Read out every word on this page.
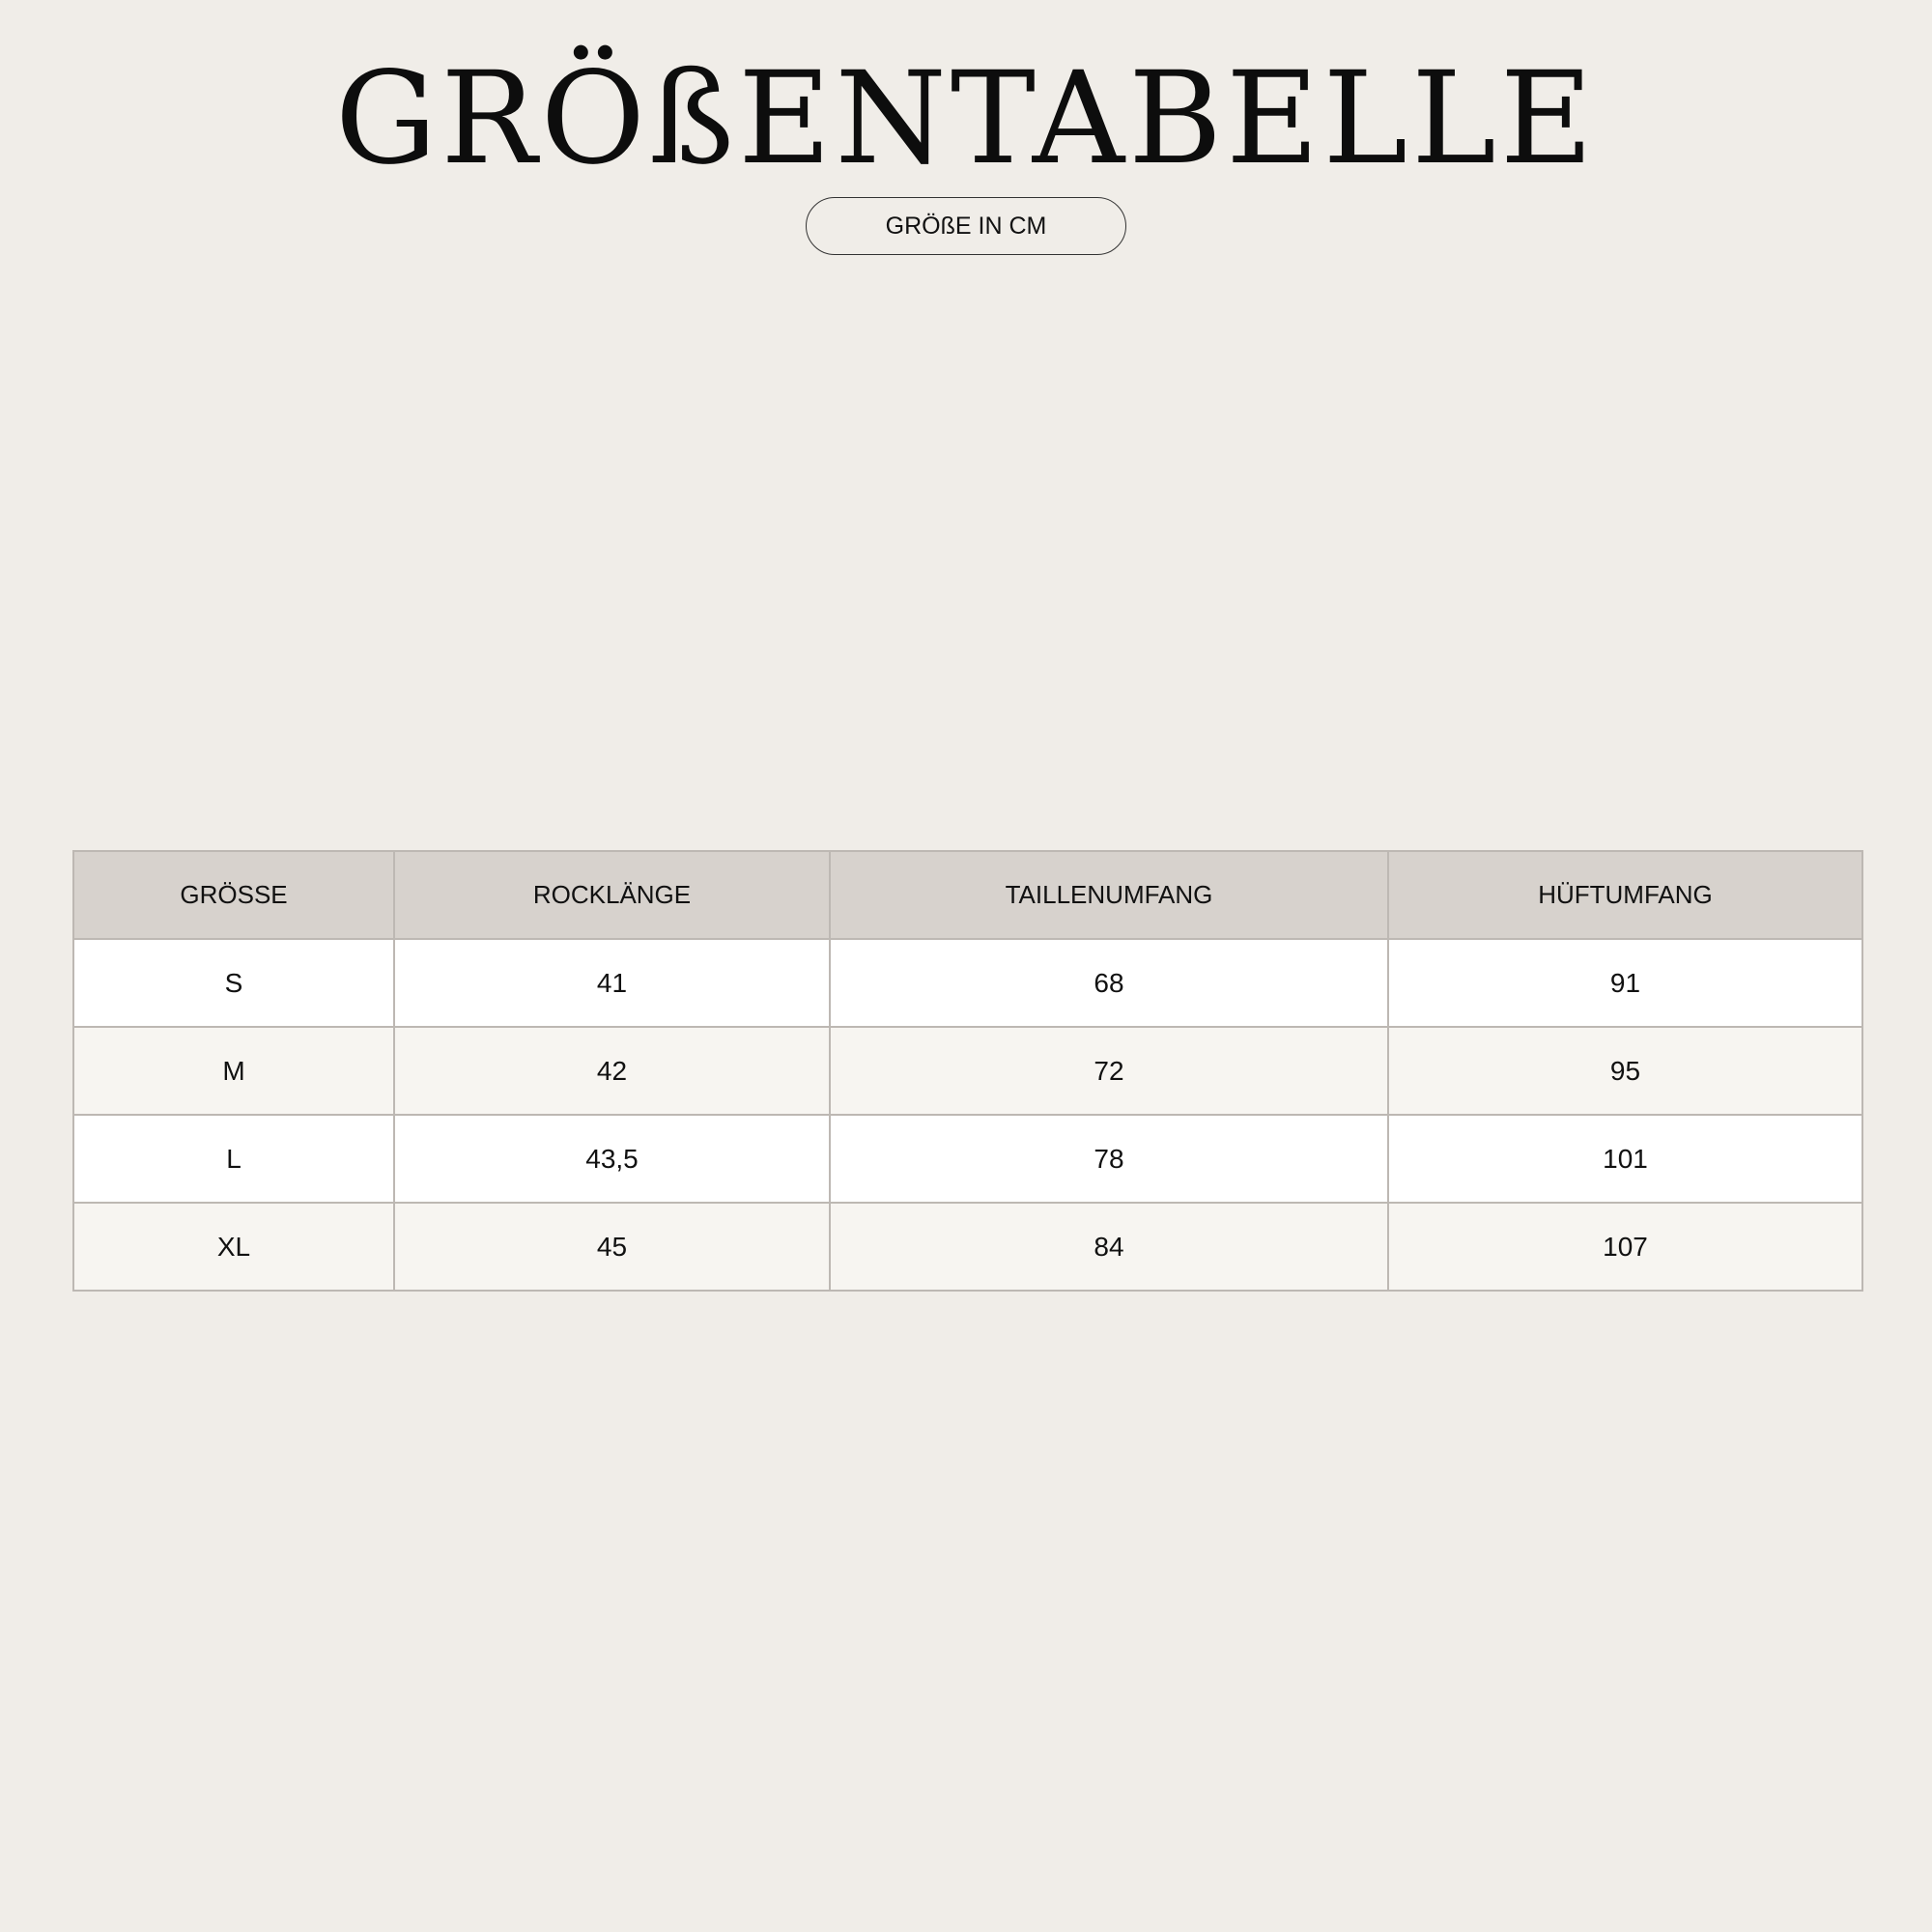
GRÖßENTABELLE
GRÖßE IN CM
GRÖSSE	ROCKLÄNGE	TAILLENUMFANG	HÜFTUMFANG
S	41	68	91
M	42	72	95
L	43,5	78	101
XL	45	84	107
